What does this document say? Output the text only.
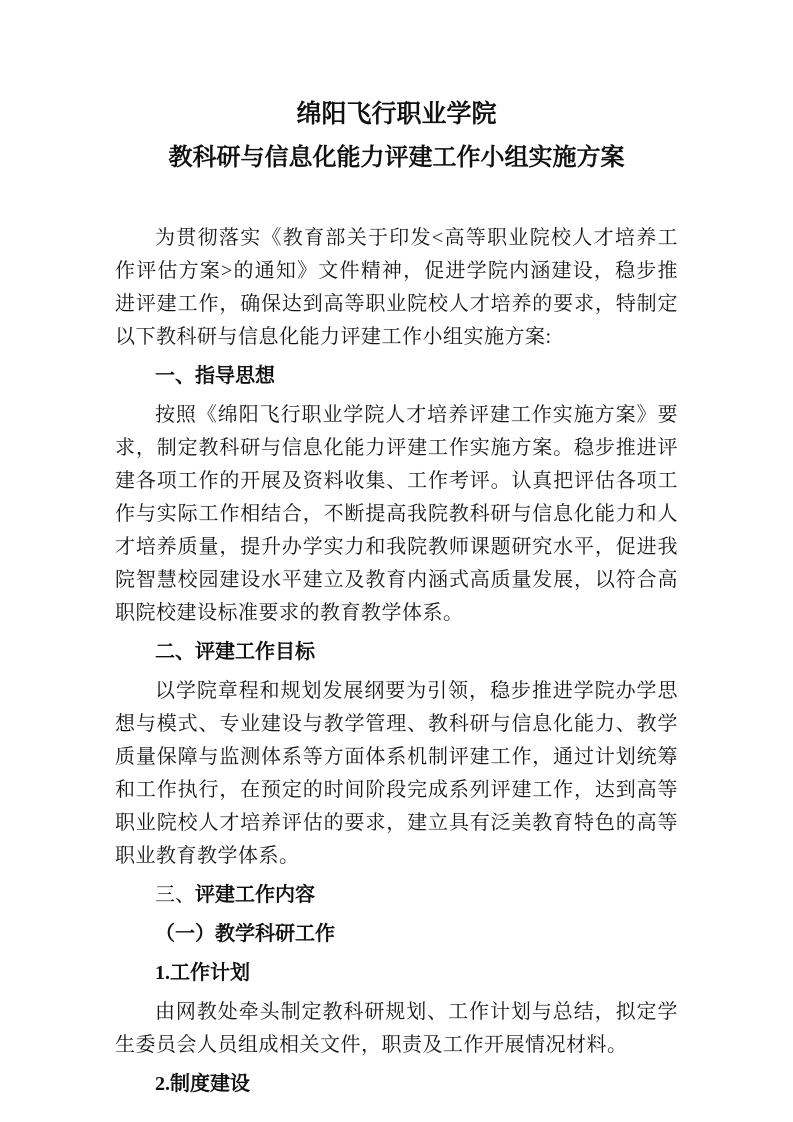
绵阳飞行职业学院
教科研与信息化能力评建工作小组实施方案

为贯彻落实《教育部关于印发<高等职业院校人才培养工作评估方案>的通知》文件精神，促进学院内涵建设，稳步推进评建工作，确保达到高等职业院校人才培养的要求，特制定以下教科研与信息化能力评建工作小组实施方案:

一、指导思想

按照《绵阳飞行职业学院人才培养评建工作实施方案》要求，制定教科研与信息化能力评建工作实施方案。稳步推进评建各项工作的开展及资料收集、工作考评。认真把评估各项工作与实际工作相结合，不断提高我院教科研与信息化能力和人才培养质量，提升办学实力和我院教师课题研究水平，促进我院智慧校园建设水平建立及教育内涵式高质量发展，以符合高职院校建设标准要求的教育教学体系。

二、评建工作目标

以学院章程和规划发展纲要为引领，稳步推进学院办学思想与模式、专业建设与教学管理、教科研与信息化能力、教学质量保障与监测体系等方面体系机制评建工作，通过计划统筹和工作执行，在预定的时间阶段完成系列评建工作，达到高等职业院校人才培养评估的要求，建立具有泛美教育特色的高等职业教育教学体系。

三、评建工作内容
（一）教学科研工作
1.工作计划

由网教处牵头制定教科研规划、工作计划与总结，拟定学生委员会人员组成相关文件，职责及工作开展情况材料。

2.制度建设
